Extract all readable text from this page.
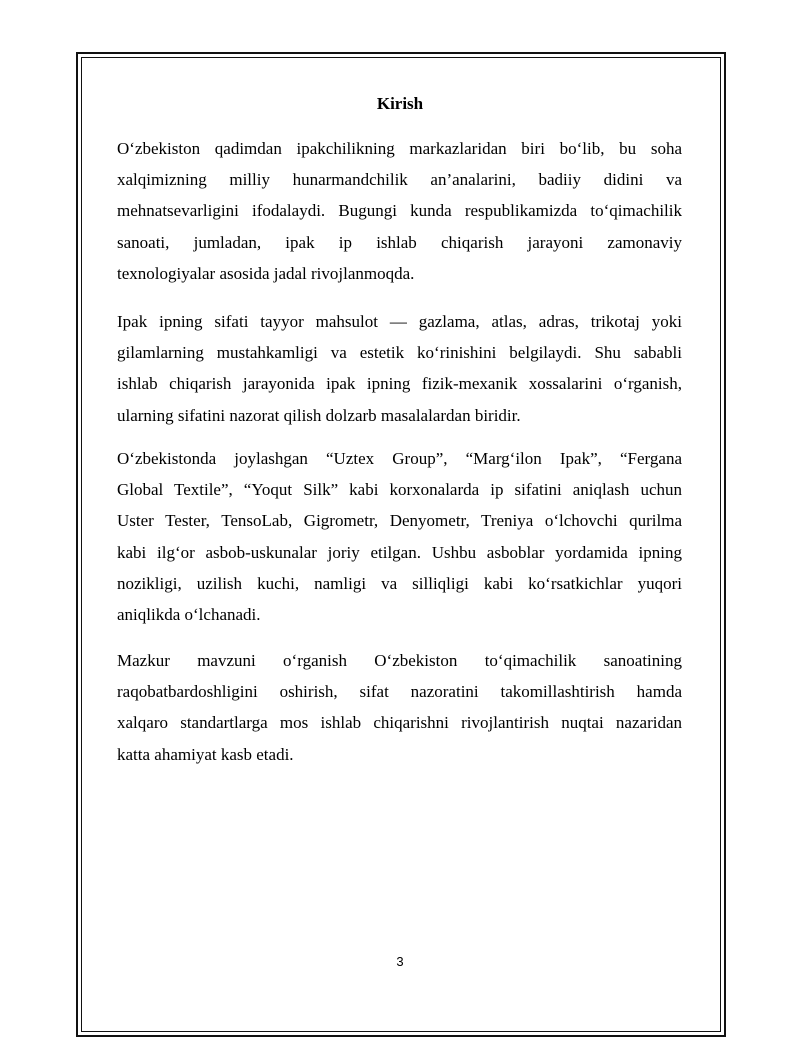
Kirish
O‘zbekiston qadimdan ipakchilikning markazlaridan biri bo‘lib, bu soha
xalqimizning milliy hunarmandchilik an’analarini, badiiy didini va
mehnatsevarligini ifodalaydi. Bugungi kunda respublikamizda to‘qimachilik
sanoati, jumladan, ipak ip ishlab chiqarish jarayoni zamonaviy
texnologiyalar asosida jadal rivojlanmoqda.
Ipak ipning sifati tayyor mahsulot — gazlama, atlas, adras, trikotaj yoki
gilamlarning mustahkamligi va estetik ko‘rinishini belgilaydi. Shu sababli
ishlab chiqarish jarayonida ipak ipning fizik-mexanik xossalarini o‘rganish,
ularning sifatini nazorat qilish dolzarb masalalardan biridir.
O‘zbekistonda joylashgan “Uztex Group”, “Marg‘ilon Ipak”, “Fergana
Global Textile”, “Yoqut Silk” kabi korxonalarda ip sifatini aniqlash uchun
Uster Tester, TensoLab, Gigrometr, Denyometr, Treniya o‘lchovchi qurilma
kabi ilg‘or asbob-uskunalar joriy etilgan. Ushbu asboblar yordamida ipning
nozikligi, uzilish kuchi, namligi va silliqligi kabi ko‘rsatkichlar yuqori
aniqlikda o‘lchanadi.
Mazkur mavzuni o‘rganish O‘zbekiston to‘qimachilik sanoatining
raqobatbardoshligini oshirish, sifat nazoratini takomillashtirish hamda
xalqaro standartlarga mos ishlab chiqarishni rivojlantirish nuqtai nazaridan
katta ahamiyat kasb etadi.
3
